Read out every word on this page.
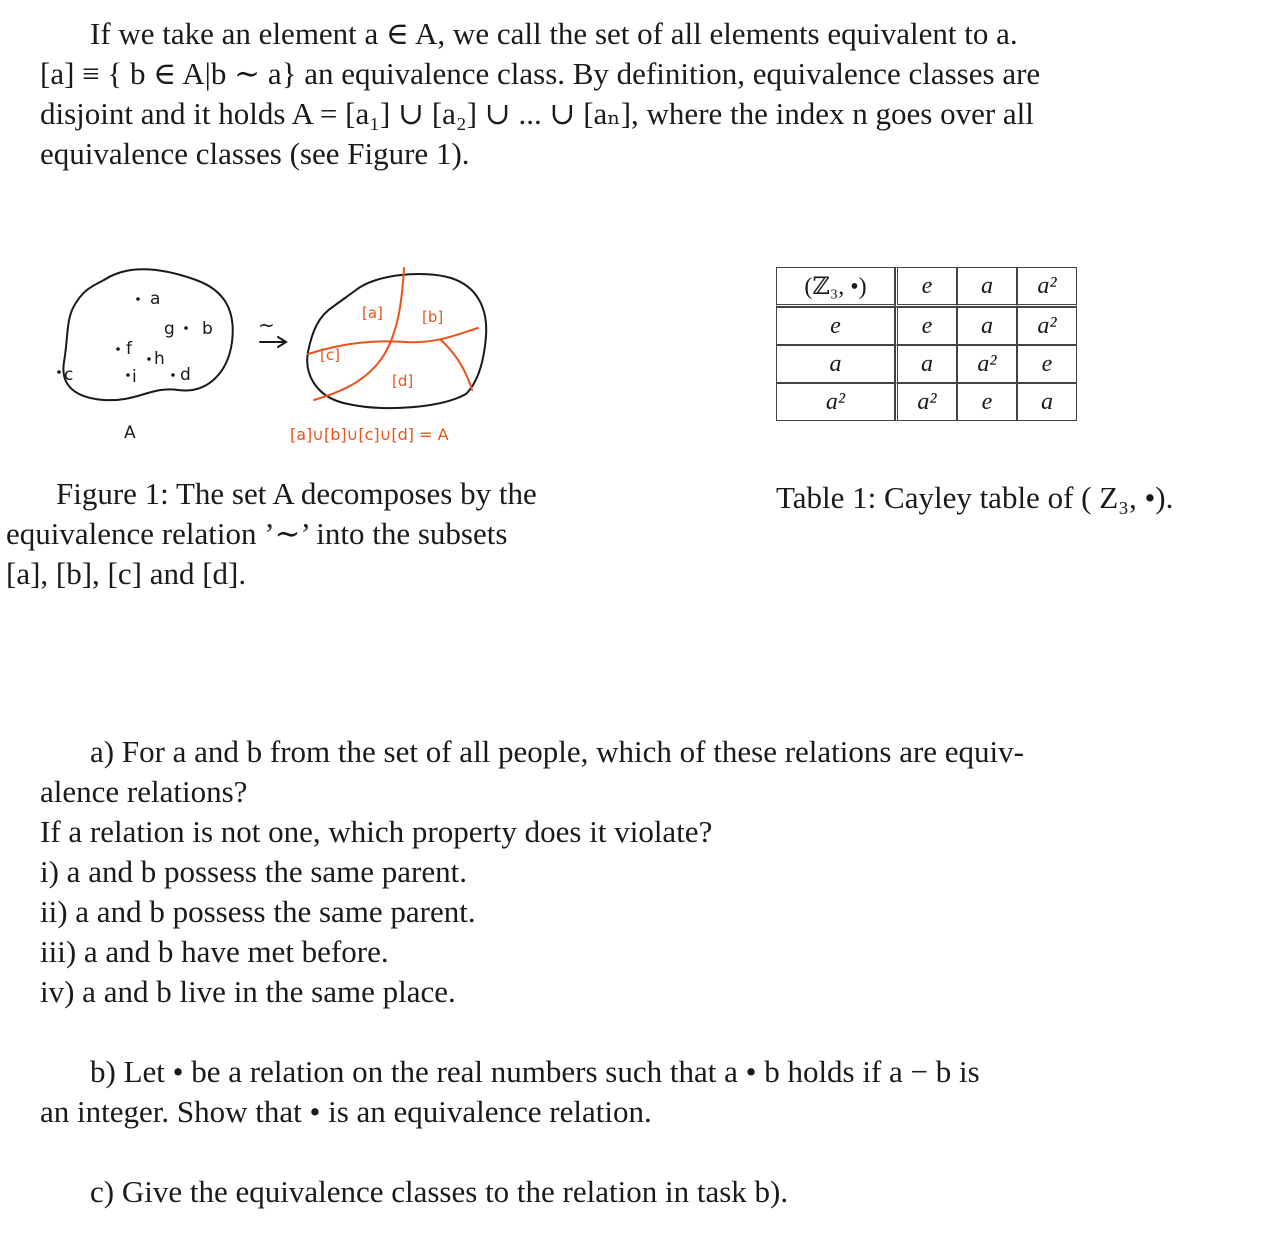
If we take an element a ∈ A, we call the set of all elements equivalent to a.

[a] ≡ { b ∈ A|b ∼ a} an equivalence class. By definition, equivalence classes are

disjoint and it holds A = [a₁] ∪ [a₂] ∪ ... ∪ [aₙ], where the index n goes over all

equivalence classes (see Figure 1).

~
a
g b
f h
c	i	d
A
[a]	[b]
[c]
[d]
[a]∪[b]∪[c]∪[d] = A
Figure 1: The set A decomposes by the
equivalence relation ’∼’ into the subsets
[a], [b], [c] and [d].
(ℤ₃, •)	e	a	a²
e	e	a	a²
a	a	a²	e
a²	a²	e	a
Table 1: Cayley table of ( Z₃, •).

a) For a and b from the set of all people, which of these relations are equiv-

alence relations?

If a relation is not one, which property does it violate?

i) a and b possess the same parent.

ii) a and b possess the same parent.

iii) a and b have met before.

iv) a and b live in the same place.

b) Let • be a relation on the real numbers such that a • b holds if a − b is

an integer. Show that • is an equivalence relation.

c) Give the equivalence classes to the relation in task b).
